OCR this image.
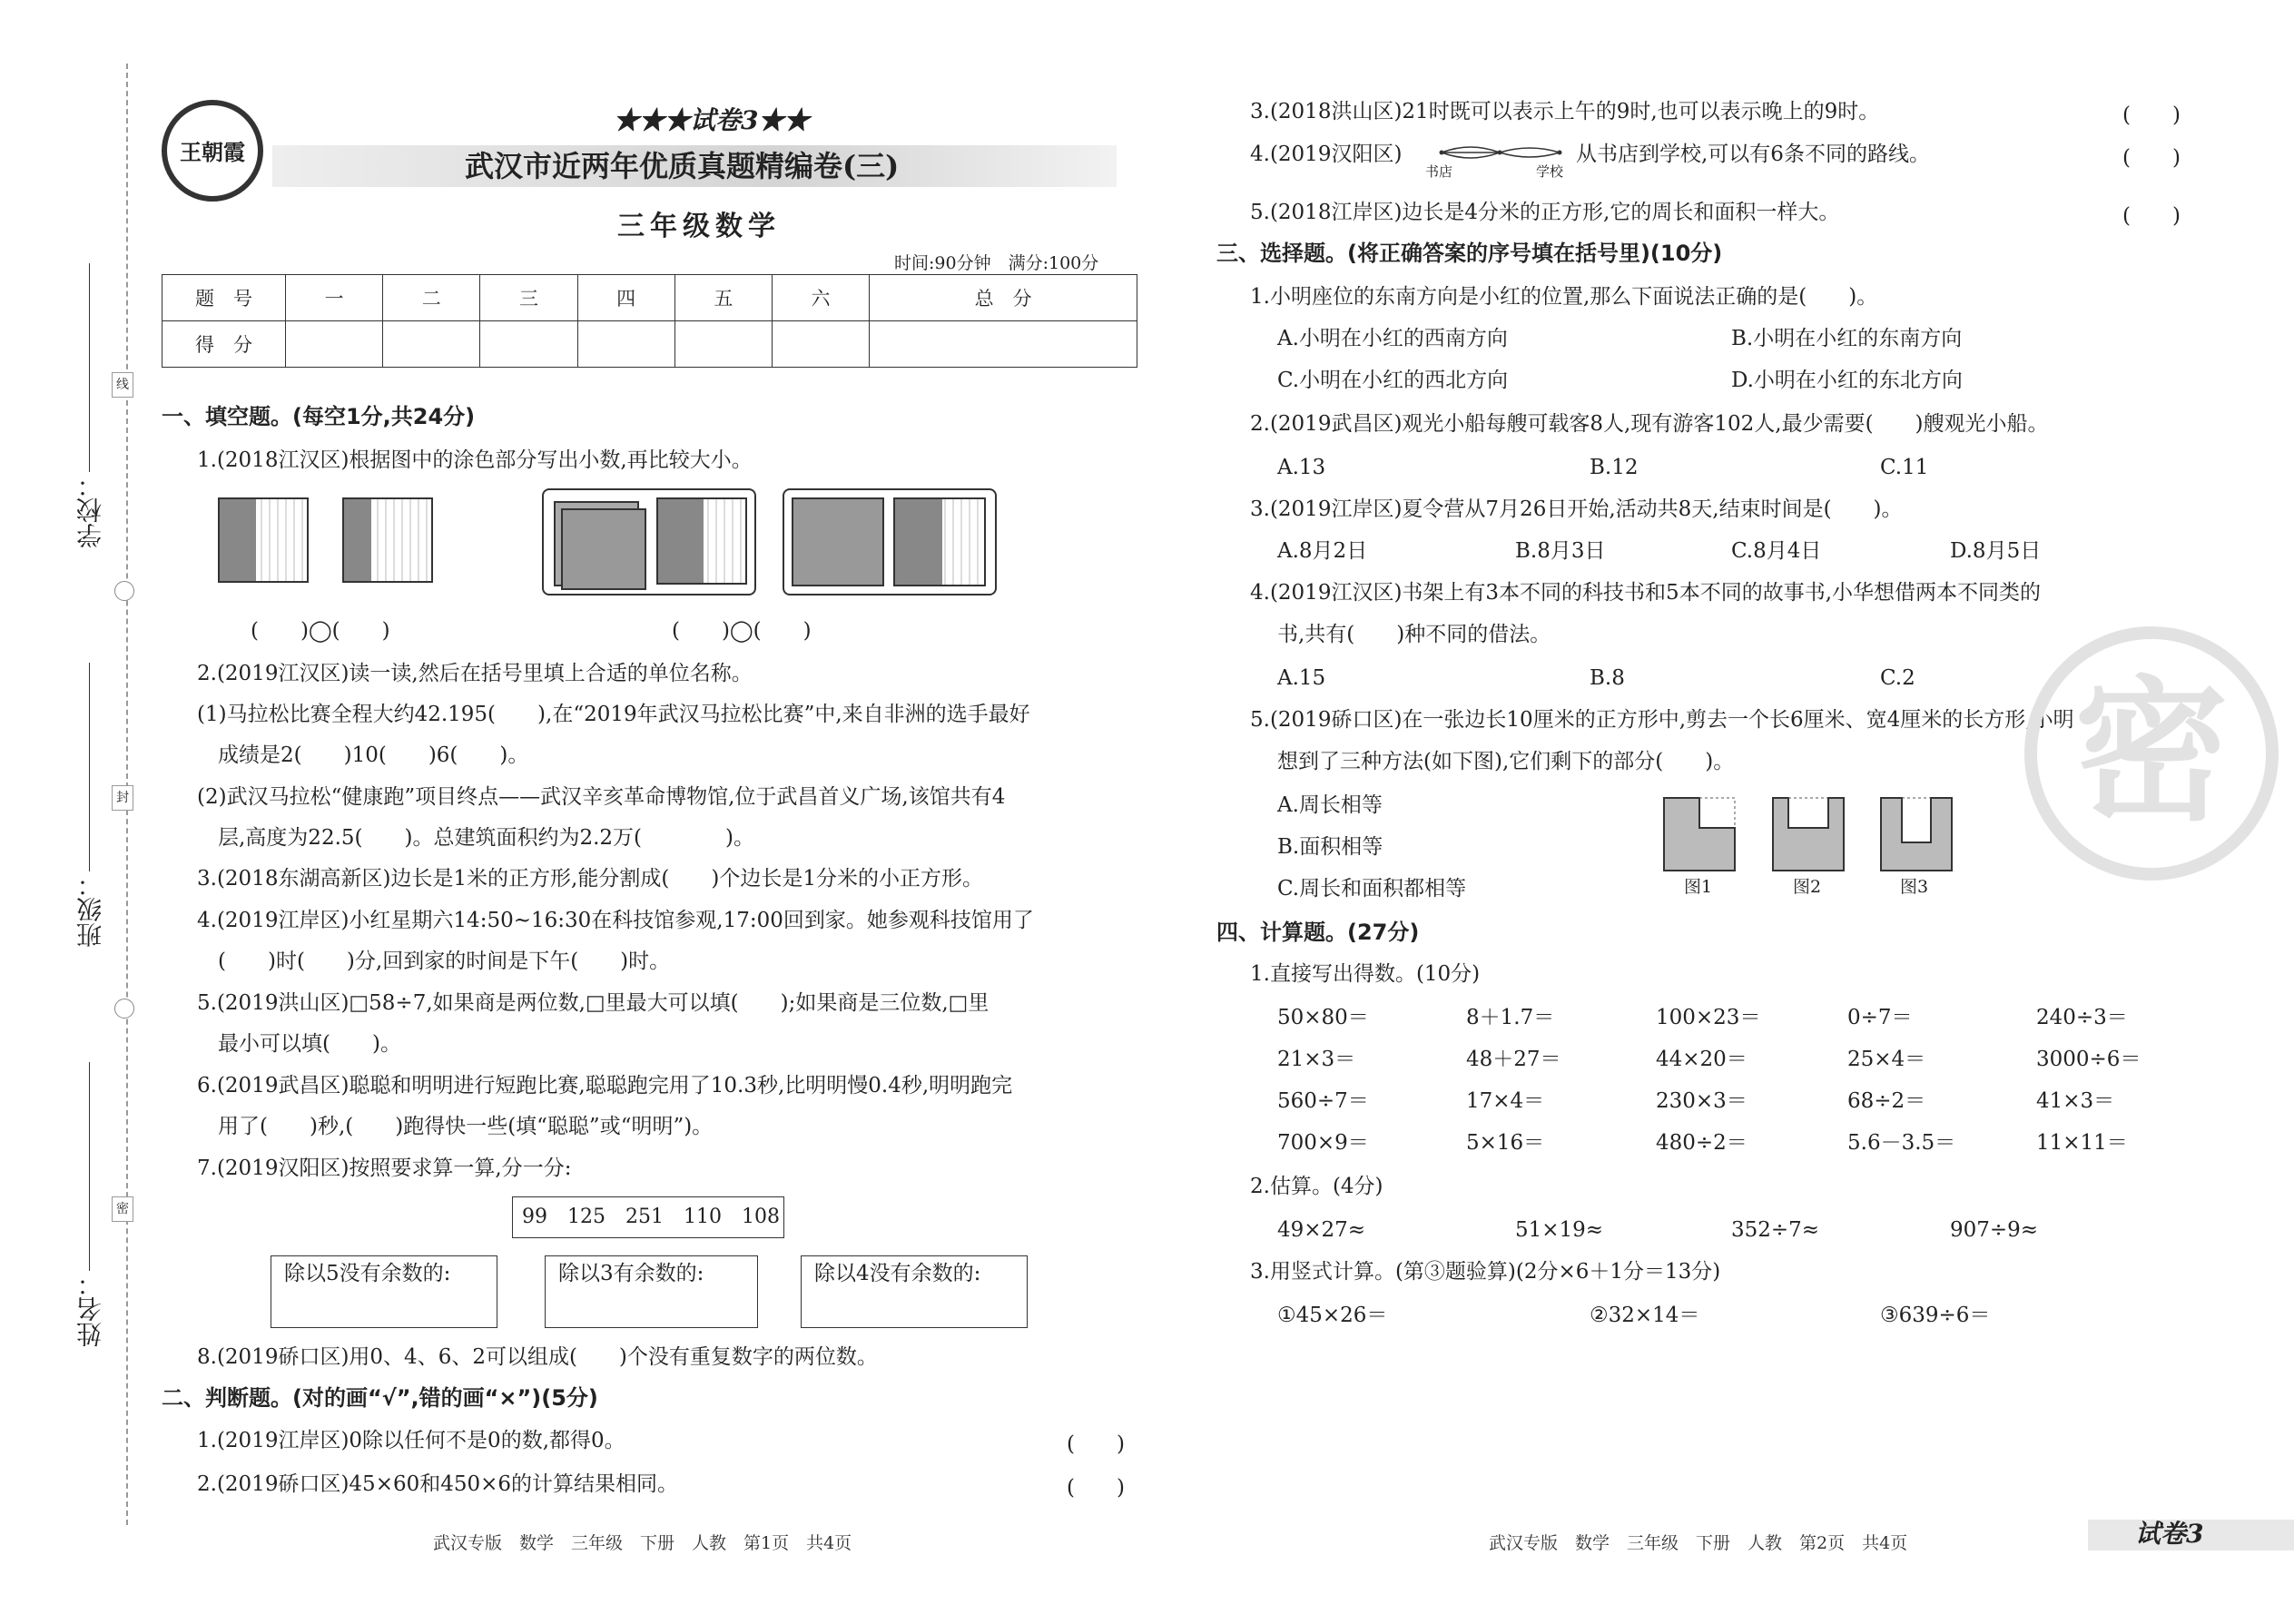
学校：
班级：
姓名：
线
封
密
王朝霞
★★★试卷3★★
武汉市近两年优质真题精编卷(三)
三年级数学
时间:90分钟　满分:100分
题　号	一	二	三	四	五	六	总　分
得　分							
一、填空题。(每空1分,共24分)
1.(2018江汉区)根据图中的涂色部分写出小数,再比较大小。
(　　)◯(　　)	(　　)◯(　　)
2.(2019江汉区)读一读,然后在括号里填上合适的单位名称。
(1)马拉松比赛全程大约42.195(　　),在“2019年武汉马拉松比赛”中,来自非洲的选手最好
成绩是2(　　)10(　　)6(　　)。
(2)武汉马拉松“健康跑”项目终点——武汉辛亥革命博物馆,位于武昌首义广场,该馆共有4
层,高度为22.5(　　)。总建筑面积约为2.2万(　　　　)。
3.(2018东湖高新区)边长是1米的正方形,能分割成(　　)个边长是1分米的小正方形。
4.(2019江岸区)小红星期六14:50~16:30在科技馆参观,17:00回到家。她参观科技馆用了
(　　)时(　　)分,回到家的时间是下午(　　)时。
5.(2019洪山区)□58÷7,如果商是两位数,□里最大可以填(　　);如果商是三位数,□里
最小可以填(　　)。
6.(2019武昌区)聪聪和明明进行短跑比赛,聪聪跑完用了10.3秒,比明明慢0.4秒,明明跑完
用了(　　)秒,(　　)跑得快一些(填“聪聪”或“明明”)。
7.(2019汉阳区)按照要求算一算,分一分:
99　125　251　110　108
除以5没有余数的:	除以3有余数的:	除以4没有余数的:
8.(2019硚口区)用0、4、6、2可以组成(　　)个没有重复数字的两位数。
二、判断题。(对的画“√”,错的画“×”)(5分)
1.(2019江岸区)0除以任何不是0的数,都得0。	(　　)
2.(2019硚口区)45×60和450×6的计算结果相同。	(　　)
武汉专版　数学　三年级　下册　人教　第1页　共4页	武汉专版　数学　三年级　下册　人教　第2页　共4页	试卷3
3.(2018洪山区)21时既可以表示上午的9时,也可以表示晚上的9时。	(　　)
4.(2019汉阳区)
书店	学校
从书店到学校,可以有6条不同的路线。	(　　)
5.(2018江岸区)边长是4分米的正方形,它的周长和面积一样大。	(　　)
三、选择题。(将正确答案的序号填在括号里)(10分)
1.小明座位的东南方向是小红的位置,那么下面说法正确的是(　　)。
A.小明在小红的西南方向	B.小明在小红的东南方向
C.小明在小红的西北方向	D.小明在小红的东北方向
2.(2019武昌区)观光小船每艘可载客8人,现有游客102人,最少需要(　　)艘观光小船。
A.13	B.12	C.11
3.(2019江岸区)夏令营从7月26日开始,活动共8天,结束时间是(　　)。
A.8月2日	B.8月3日	C.8月4日	D.8月5日
4.(2019江汉区)书架上有3本不同的科技书和5本不同的故事书,小华想借两本不同类的
书,共有(　　)种不同的借法。
A.15	B.8	C.2
5.(2019硚口区)在一张边长10厘米的正方形中,剪去一个长6厘米、宽4厘米的长方形,小明
想到了三种方法(如下图),它们剩下的部分(　　)。
A.周长相等
B.面积相等
C.周长和面积都相等	图1	图2	图3
四、计算题。(27分)
1.直接写出得数。(10分)
50×80＝	8＋1.7＝	100×23＝	0÷7＝	240÷3＝
21×3＝	48＋27＝	44×20＝	25×4＝	3000÷6＝
560÷7＝	17×4＝	230×3＝	68÷2＝	41×3＝
700×9＝	5×16＝	480÷2＝	5.6－3.5＝	11×11＝
2.估算。(4分)
49×27≈	51×19≈	352÷7≈	907÷9≈
3.用竖式计算。(第③题验算)(2分×6＋1分＝13分)
①45×26＝	②32×14＝	③639÷6＝
密
